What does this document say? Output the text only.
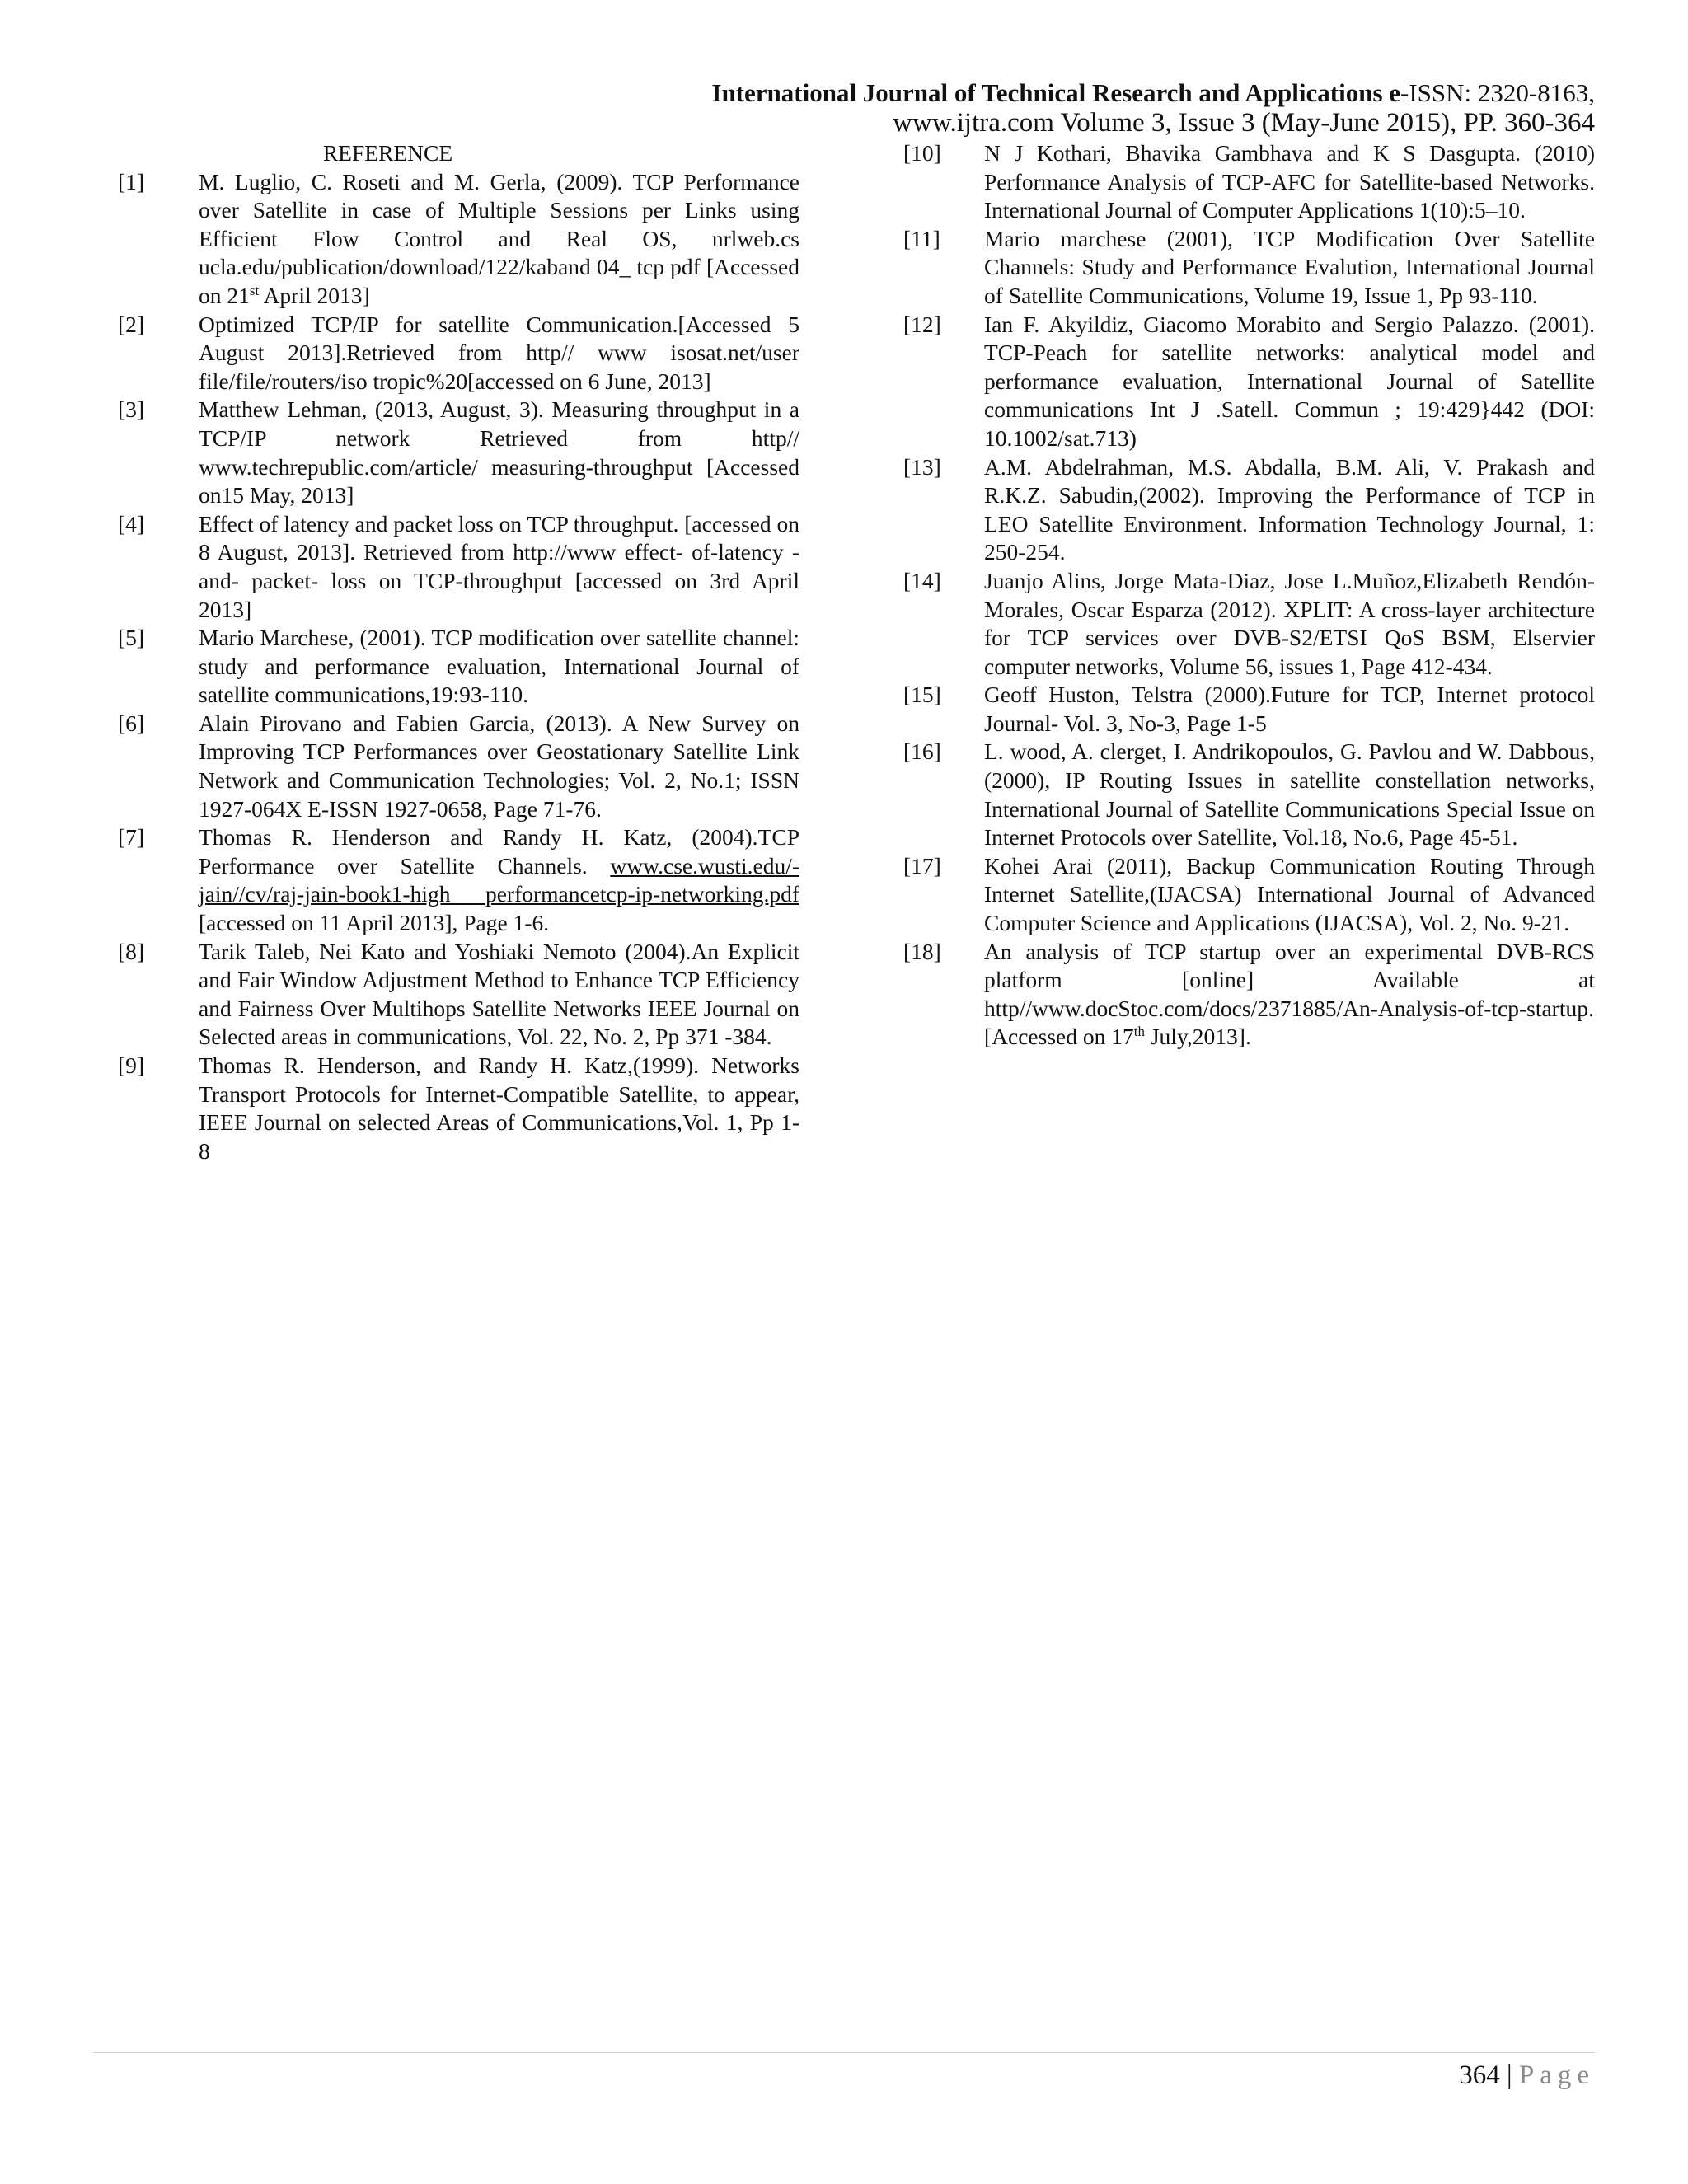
International Journal of Technical Research and Applications e-ISSN: 2320-8163,
www.ijtra.com Volume 3, Issue 3 (May-June 2015), PP. 360-364
REFERENCE
[1]	M. Luglio, C. Roseti and M. Gerla, (2009). TCP Performance over Satellite in case of Multiple Sessions per Links using Efficient Flow Control and Real OS, nrlweb.cs ucla.edu/publication/download/122/kaband 04_ tcp pdf [Accessed on 21st April 2013]
[2]	Optimized TCP/IP for satellite Communication.[Accessed 5 August 2013].Retrieved from http// www isosat.net/user file/file/routers/iso tropic%20[accessed on 6 June, 2013]
[3]	Matthew Lehman, (2013, August, 3). Measuring throughput in a TCP/IP network Retrieved from http// www.techrepublic.com/article/ measuring-throughput [Accessed on15 May, 2013]
[4]	Effect of latency and packet loss on TCP throughput. [accessed on 8 August, 2013]. Retrieved from http://www effect- of-latency -and- packet- loss on TCP-throughput [accessed on 3rd April 2013]
[5]	Mario Marchese, (2001). TCP modification over satellite channel: study and performance evaluation, International Journal of satellite communications,19:93-110.
[6]	Alain Pirovano and Fabien Garcia, (2013). A New Survey on Improving TCP Performances over Geostationary Satellite Link Network and Communication Technologies; Vol. 2, No.1; ISSN 1927-064X E-ISSN 1927-0658, Page 71-76.
[7]	Thomas R. Henderson and Randy H. Katz, (2004).TCP Performance over Satellite Channels. www.cse.wusti.edu/-jain//cv/raj-jain-book1-high performancetcp-ip-networking.pdf [accessed on 11 April 2013], Page 1-6.
[8]	Tarik Taleb, Nei Kato and Yoshiaki Nemoto (2004).An Explicit and Fair Window Adjustment Method to Enhance TCP Efficiency and Fairness Over Multihops Satellite Networks IEEE Journal on Selected areas in communications, Vol. 22, No. 2, Pp 371 -384.
[9]	Thomas R. Henderson, and Randy H. Katz,(1999). Networks Transport Protocols for Internet-Compatible Satellite, to appear, IEEE Journal on selected Areas of Communications,Vol. 1, Pp 1-8
[10]	N J Kothari, Bhavika Gambhava and K S Dasgupta. (2010) Performance Analysis of TCP-AFC for Satellite-based Networks. International Journal of Computer Applications 1(10):5–10.
[11]	Mario marchese (2001), TCP Modification Over Satellite Channels: Study and Performance Evalution, International Journal of Satellite Communications, Volume 19, Issue 1, Pp 93-110.
[12]	Ian F. Akyildiz, Giacomo Morabito and Sergio Palazzo. (2001). TCP-Peach for satellite networks: analytical model and performance evaluation, International Journal of Satellite communications Int J .Satell. Commun ; 19:429}442 (DOI: 10.1002/sat.713)
[13]	A.M. Abdelrahman, M.S. Abdalla, B.M. Ali, V. Prakash and R.K.Z. Sabudin,(2002). Improving the Performance of TCP in LEO Satellite Environment. Information Technology Journal, 1: 250-254.
[14]	Juanjo Alins, Jorge Mata-Diaz, Jose L.Muñoz,Elizabeth Rendón-Morales, Oscar Esparza (2012). XPLIT: A cross-layer architecture for TCP services over DVB-S2/ETSI QoS BSM, Elservier computer networks, Volume 56, issues 1, Page 412-434.
[15]	Geoff Huston, Telstra (2000).Future for TCP, Internet protocol Journal- Vol. 3, No-3, Page 1-5
[16]	L. wood, A. clerget, I. Andrikopoulos, G. Pavlou and W. Dabbous, (2000), IP Routing Issues in satellite constellation networks, International Journal of Satellite Communications Special Issue on Internet Protocols over Satellite, Vol.18, No.6, Page 45-51.
[17]	Kohei Arai (2011), Backup Communication Routing Through Internet Satellite,(IJACSA) International Journal of Advanced Computer Science and Applications (IJACSA), Vol. 2, No. 9-21.
[18]	An analysis of TCP startup over an experimental DVB-RCS platform [online] Available at http//www.docStoc.com/docs/2371885/An-Analysis-of-tcp-startup.[Accessed on 17th July,2013].
364 | Page
